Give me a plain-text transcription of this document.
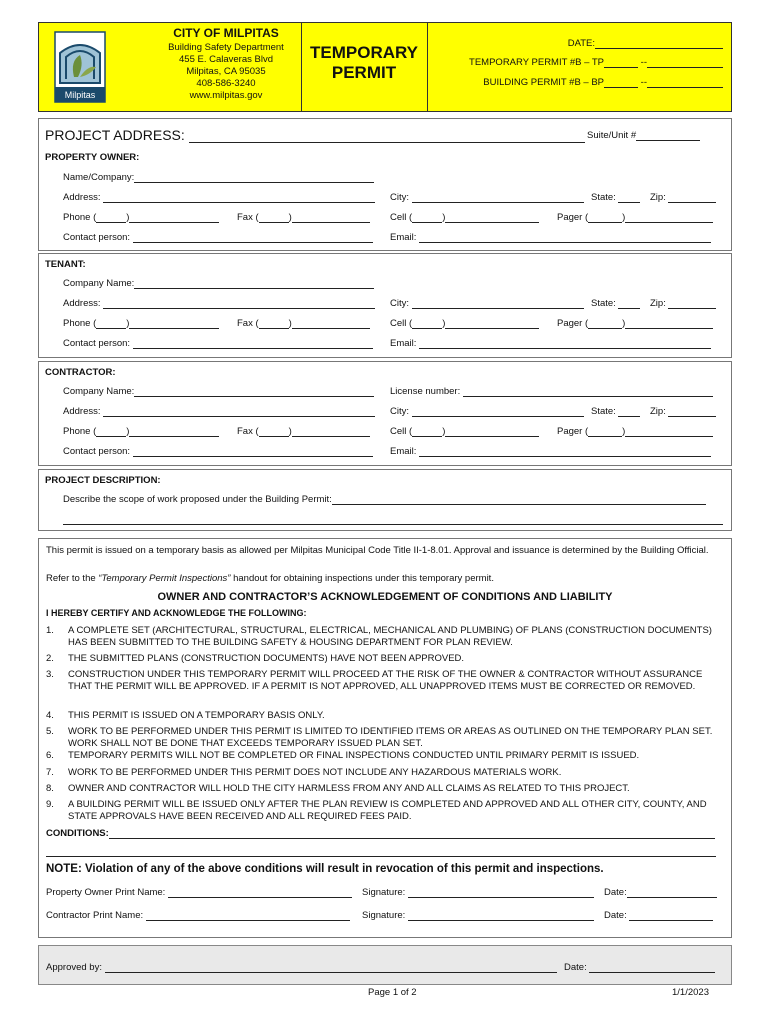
Milpitas
CITY OF MILPITAS
Building Safety Department
455 E. Calaveras Blvd
Milpitas, CA 95035
408-586-3240
www.milpitas.gov
TEMPORARY
PERMIT
DATE:
TEMPORARY PERMIT #B – TP	--
BUILDING PERMIT #B – BP	--
PROJECT ADDRESS:	Suite/Unit #
PROPERTY OWNER:
Name/Company:
Address:	City:	State:	Zip:
Phone (	)	Fax (	)	Cell (	)	Pager (	)
Contact person:	Email:
TENANT:
Company Name:
Address:	City:	State:	Zip:
Phone (	)	Fax (	)	Cell (	)	Pager (	)
Contact person:	Email:
CONTRACTOR:
Company Name:	License number:
Address:	City:	State:	Zip:
Phone (	)	Fax (	)	Cell (	)	Pager (	)
Contact person:	Email:
PROJECT DESCRIPTION:
Describe the scope of work proposed under the Building Permit:
This permit is issued on a temporary basis as allowed per Milpitas Municipal Code Title II-1-8.01. Approval and issuance is determined by the Building Official.
Refer to the “Temporary Permit Inspections” handout for obtaining inspections under this temporary permit.
OWNER AND CONTRACTOR’S ACKNOWLEDGEMENT OF CONDITIONS AND LIABILITY
I HEREBY CERTIFY AND ACKNOWLEDGE THE FOLLOWING:
1. A COMPLETE SET (ARCHITECTURAL, STRUCTURAL, ELECTRICAL, MECHANICAL AND PLUMBING) OF PLANS (CONSTRUCTION DOCUMENTS) HAS BEEN SUBMITTED TO THE BUILDING SAFETY & HOUSING DEPARTMENT FOR PLAN REVIEW.
2. THE SUBMITTED PLANS (CONSTRUCTION DOCUMENTS) HAVE NOT BEEN APPROVED.
3. CONSTRUCTION UNDER THIS TEMPORARY PERMIT WILL PROCEED AT THE RISK OF THE OWNER & CONTRACTOR WITHOUT ASSURANCE THAT THE PERMIT WILL BE APPROVED. IF A PERMIT IS NOT APPROVED, ALL UNAPPROVED ITEMS MUST BE CORRECTED OR REMOVED.
4. THIS PERMIT IS ISSUED ON A TEMPORARY BASIS ONLY.
5. WORK TO BE PERFORMED UNDER THIS PERMIT IS LIMITED TO IDENTIFIED ITEMS OR AREAS AS OUTLINED ON THE TEMPORARY PLAN SET. WORK SHALL NOT BE DONE THAT EXCEEDS TEMPORARY ISSUED PLAN SET.
6. TEMPORARY PERMITS WILL NOT BE COMPLETED OR FINAL INSPECTIONS CONDUCTED UNTIL PRIMARY PERMIT IS ISSUED.
7. WORK TO BE PERFORMED UNDER THIS PERMIT DOES NOT INCLUDE ANY HAZARDOUS MATERIALS WORK.
8. OWNER AND CONTRACTOR WILL HOLD THE CITY HARMLESS FROM ANY AND ALL CLAIMS AS RELATED TO THIS PROJECT.
9. A BUILDING PERMIT WILL BE ISSUED ONLY AFTER THE PLAN REVIEW IS COMPLETED AND APPROVED AND ALL OTHER CITY, COUNTY, AND STATE APPROVALS HAVE BEEN RECEIVED AND ALL REQUIRED FEES PAID.
CONDITIONS:
NOTE: Violation of any of the above conditions will result in revocation of this permit and inspections.
Property Owner Print Name:	Signature:	Date:
Contractor Print Name:	Signature:	Date:
Approved by:	Date:
Page 1 of 2	1/1/2023
